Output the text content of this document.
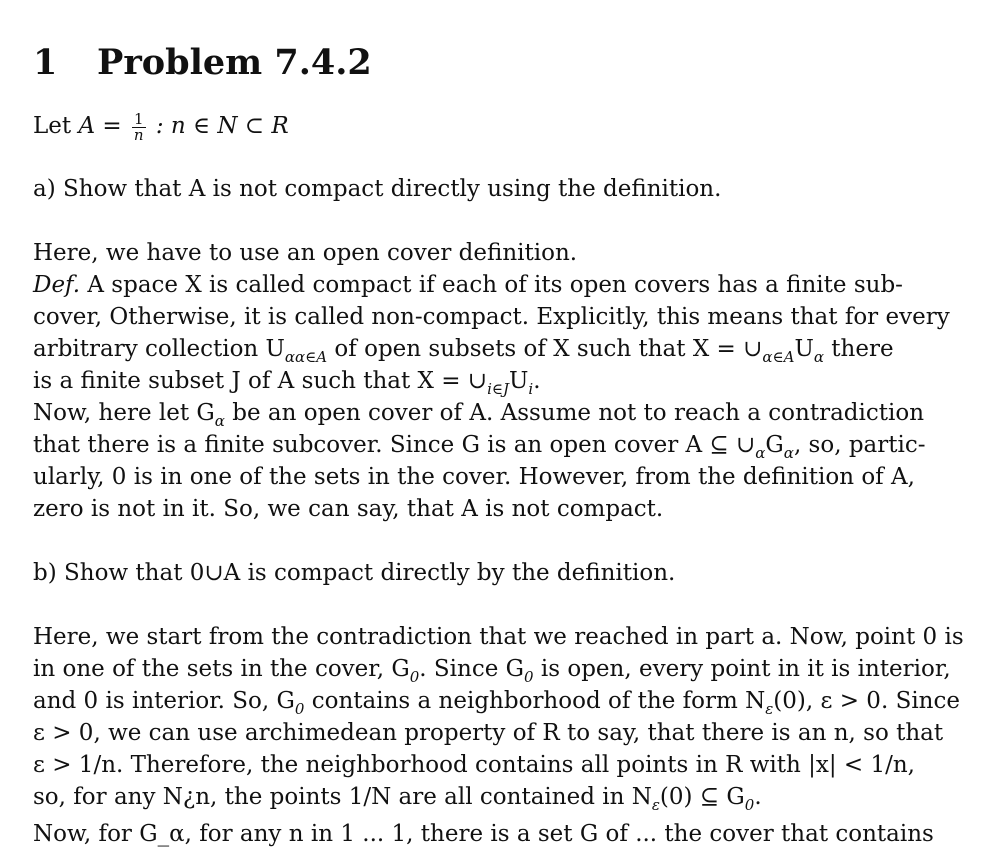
1 Problem 7.4.2
Let $A = \frac{1}{n}$ : n ∈ N ⊂ R
a) Show that A is not compact directly using the definition.
Here, we have to use an open cover definition.
Def. A space X is called compact if each of its open covers has a finite sub-
cover, Otherwise, it is called non-compact. Explicitly, this means that for every
arbitrary collection $U_{\alpha\alpha\in A}$ of open subsets of X such that $X = \cup_{\alpha\in A}U_\alpha$ there
is a finite subset J of A such that $X = \cup_{i\in J}U_i$.
Now, here let $G_\alpha$ be an open cover of A. Assume not to reach a contradiction
that there is a finite subcover. Since G is an open cover A ⊆ $\cup_\alpha G_\alpha$, so, partic-
ularly, 0 is in one of the sets in the cover. However, from the definition of A,
zero is not in it. So, we can say, that A is not compact.
b) Show that 0∪A is compact directly by the definition.
Here, we start from the contradiction that we reached in part a. Now, point 0 is
in one of the sets in the cover, $G_0$. Since $G_0$ is open, every point in it is interior,
and 0 is interior. So, $G_0$ contains a neighborhood of the form $N_\varepsilon(0)$, ε > 0. Since
ε > 0, we can use archimedean property of R to say, that there is an n, so that
ε > 1/n. Therefore, the neighborhood contains all points in R with |x| < 1/n,
so, for any N¿n, the points 1/N are all contained in $N_\varepsilon(0)$ ⊆ $G_0$.
Now, for G_α, for any n in 1 ... 1, there is a set G of ... the cover that contains
